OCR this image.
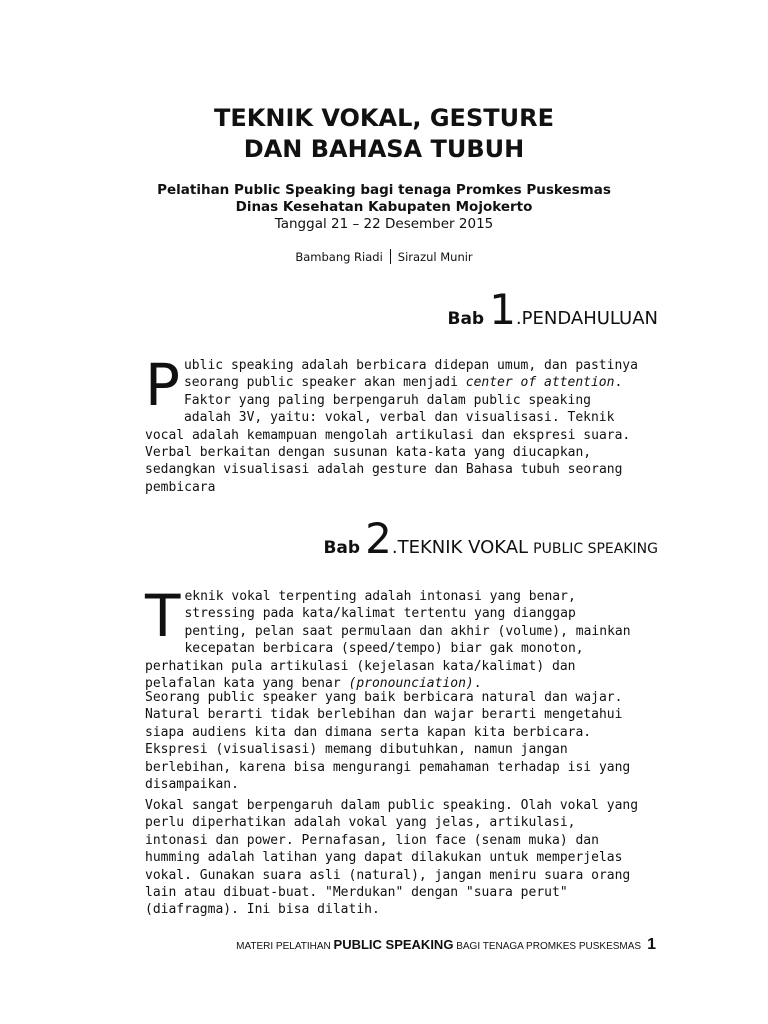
TEKNIK VOKAL, GESTURE
DAN BAHASA TUBUH
Pelatihan Public Speaking bagi tenaga Promkes Puskesmas
Dinas Kesehatan Kabupaten Mojokerto
Tanggal 21 – 22 Desember 2015
Bambang Riadi Sirazul Munir
Bab 1.PENDAHULUAN

Public speaking adalah berbicara didepan umum, dan pastinya seorang public speaker akan menjadi center of attention. Faktor yang paling berpengaruh dalam public speaking adalah 3V, yaitu: vokal, verbal dan visualisasi. Teknik vocal adalah kemampuan mengolah artikulasi dan ekspresi suara. Verbal berkaitan dengan susunan kata-kata yang diucapkan, sedangkan visualisasi adalah gesture dan Bahasa tubuh seorang pembicara

Bab 2.TEKNIK VOKAL PUBLIC SPEAKING

Teknik vokal terpenting adalah intonasi yang benar, stressing pada kata/kalimat tertentu yang dianggap penting, pelan saat permulaan dan akhir (volume), mainkan kecepatan berbicara (speed/tempo) biar gak monoton, perhatikan pula artikulasi (kejelasan kata/kalimat) dan pelafalan kata yang benar (pronounciation).

Seorang public speaker yang baik berbicara natural dan wajar. Natural berarti tidak berlebihan dan wajar berarti mengetahui siapa audiens kita dan dimana serta kapan kita berbicara. Ekspresi (visualisasi) memang dibutuhkan, namun jangan berlebihan, karena bisa mengurangi pemahaman terhadap isi yang disampaikan.

Vokal sangat berpengaruh dalam public speaking. Olah vokal yang perlu diperhatikan adalah vokal yang jelas, artikulasi, intonasi dan power. Pernafasan, lion face (senam muka) dan humming adalah latihan yang dapat dilakukan untuk memperjelas vokal. Gunakan suara asli (natural), jangan meniru suara orang lain atau dibuat-buat. "Merdukan" dengan "suara perut" (diafragma). Ini bisa dilatih.

MATERI PELATIHAN PUBLIC SPEAKING BAGI TENAGA PROMKES PUSKESMAS 1
